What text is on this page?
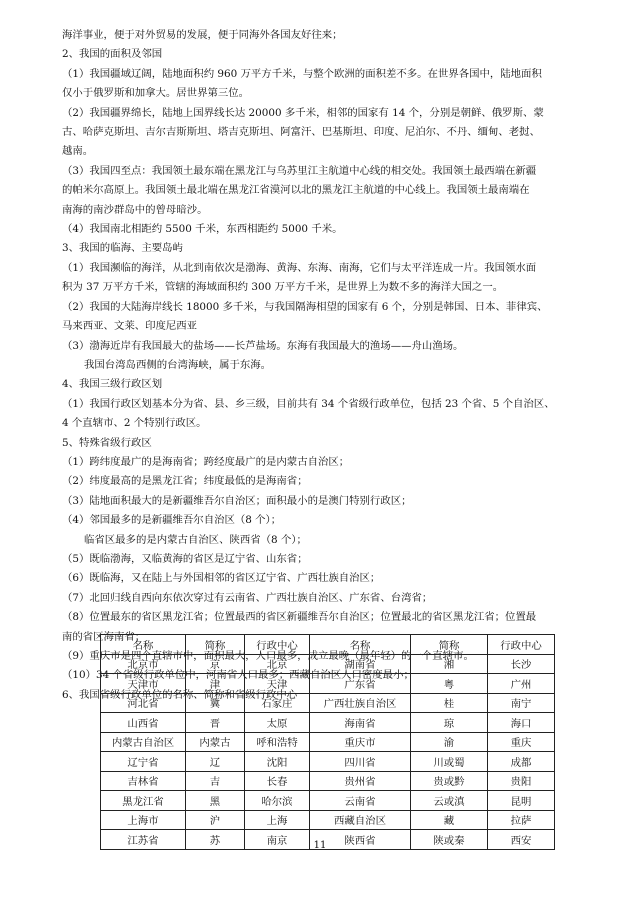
海洋事业，便于对外贸易的发展，便于同海外各国友好往来；
2、我国的面积及邻国
（1）我国疆域辽阔，陆地面积约 960 万平方千米，与整个欧洲的面积差不多。在世界各国中，陆地面积
仅小于俄罗斯和加拿大。居世界第三位。
（2）我国疆界绵长，陆地上国界线长达 20000 多千米，相邻的国家有 14 个，分别是朝鲜、俄罗斯、蒙
古、哈萨克斯坦、吉尔吉斯斯坦、塔吉克斯坦、阿富汗、巴基斯坦、印度、尼泊尔、不丹、缅甸、老挝、
越南。
（3）我国四至点：我国领土最东端在黑龙江与乌苏里江主航道中心线的相交处。我国领土最西端在新疆
的帕米尔高原上。我国领土最北端在黑龙江省漠河以北的黑龙江主航道的中心线上。我国领土最南端在
南海的南沙群岛中的曾母暗沙。
（4）我国南北相距约 5500 千米，东西相距约 5000 千米。
3、我国的临海、主要岛屿
（1）我国濒临的海洋，从北到南依次是渤海、黄海、东海、南海，它们与太平洋连成一片。我国领水面
积为 37 万平方千米，管辖的海域面积约 300 万平方千米，是世界上为数不多的海洋大国之一。
（2）我国的大陆海岸线长 18000 多千米，与我国隔海相望的国家有 6 个，分别是韩国、日本、菲律宾、
马来西亚、文莱、印度尼西亚
（3）渤海近岸有我国最大的盐场——长芦盐场。东海有我国最大的渔场——舟山渔场。
我国台湾岛西侧的台湾海峡，属于东海。
4、我国三级行政区划
（1）我国行政区划基本分为省、县、乡三级，目前共有 34 个省级行政单位，包括 23 个省、5 个自治区、
4 个直辖市、2 个特别行政区。
5、特殊省级行政区
（1）跨纬度最广的是海南省；跨经度最广的是内蒙古自治区；
（2）纬度最高的是黑龙江省；纬度最低的是海南省；
（3）陆地面积最大的是新疆维吾尔自治区；面积最小的是澳门特别行政区；
（4）邻国最多的是新疆维吾尔自治区（8 个）；
临省区最多的是内蒙古自治区、陕西省（8 个）；
（5）既临渤海，又临黄海的省区是辽宁省、山东省；
（6）既临海，又在陆上与外国相邻的省区辽宁省、广西壮族自治区；
（7）北回归线自西向东依次穿过有云南省、广西壮族自治区、广东省、台湾省；
（8）位置最东的省区黑龙江省；位置最西的省区新疆维吾尔自治区；位置最北的省区黑龙江省；位置最
南的省区海南省；
（9）重庆市是四个直辖市中，面积最大，人口最多，成立最晚（最年轻）的一个直辖市。
（10）34 个省级行政单位中，河南省人口最多；西藏自治区人口密度最小；
6、我国省级行政单位的名称、简称和省级行政中心
名称	简称	行政中心	名称	简称	行政中心
北京市	京	北京	湖南省	湘	长沙
天津市	津	天津	广东省	粤	广州
河北省	冀	石家庄	广西壮族自治区	桂	南宁
山西省	晋	太原	海南省	琼	海口
内蒙古自治区	内蒙古	呼和浩特	重庆市	渝	重庆
辽宁省	辽	沈阳	四川省	川或蜀	成都
吉林省	吉	长春	贵州省	贵或黔	贵阳
黑龙江省	黑	哈尔滨	云南省	云或滇	昆明
上海市	沪	上海	西藏自治区	藏	拉萨
江苏省	苏	南京	陕西省	陕或秦	西安
11
